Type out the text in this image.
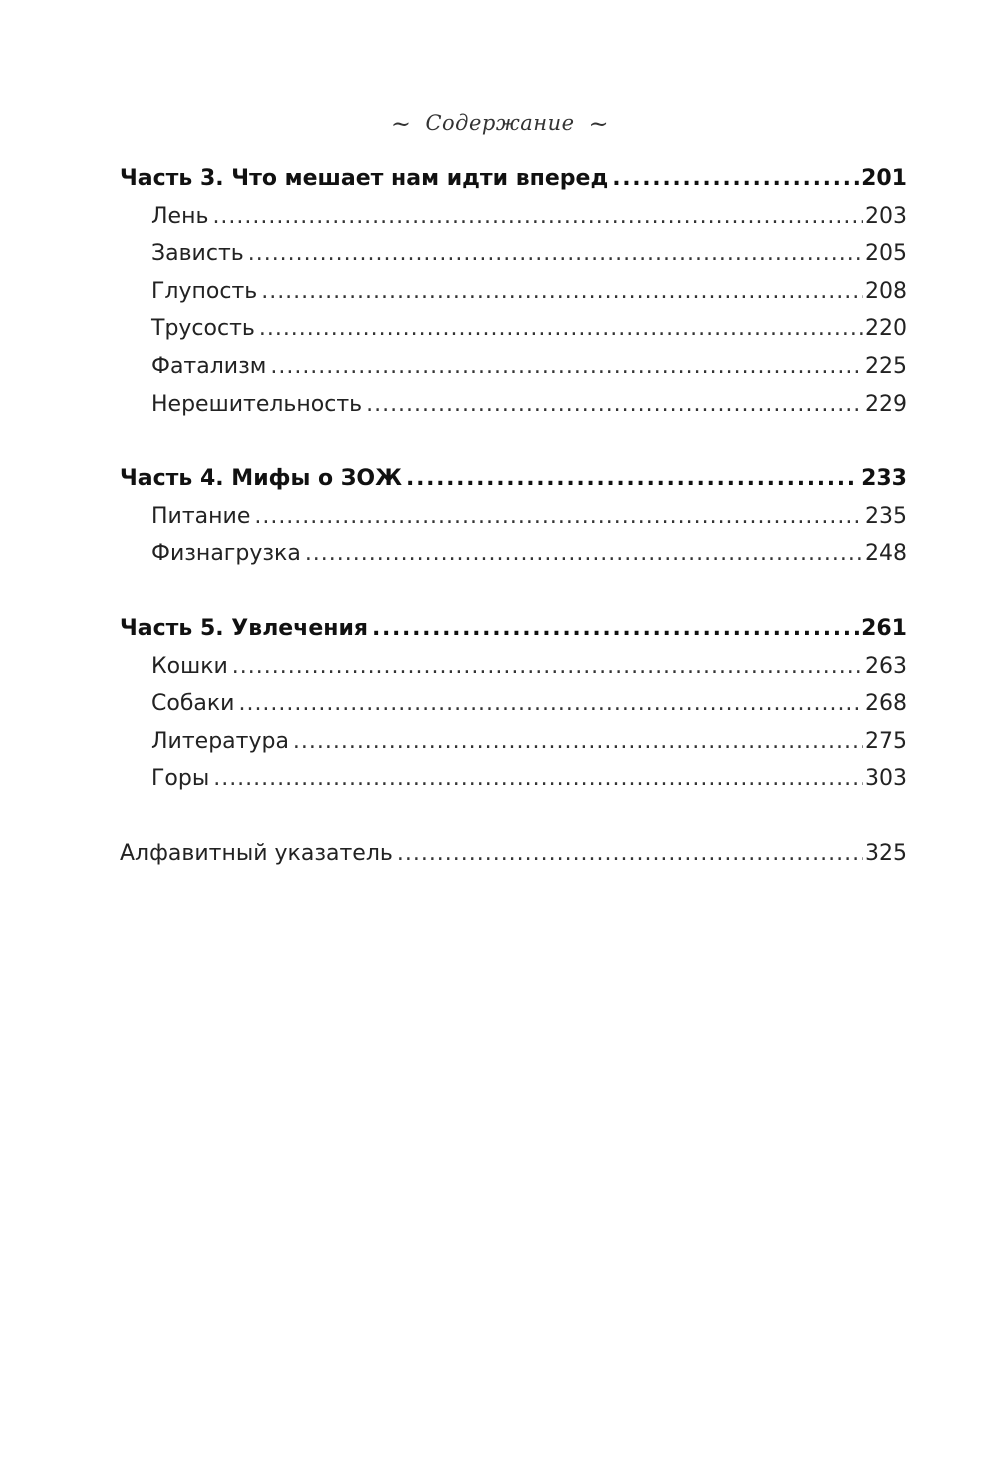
~ Содержание ~
Часть 3. Что мешает нам идти вперед . . .	201
Лень . . .	203
Зависть . . .	205
Глупость . . .	208
Трусость . . .	220
Фатализм . . .	225
Нерешительность . . .	229
Часть 4. Мифы о ЗОЖ . . .	233
Питание . . .	235
Физнагрузка . . .	248
Часть 5. Увлечения . . .	261
Кошки . . .	263
Собаки . . .	268
Литература . . .	275
Горы . . .	303
Алфавитный указатель . . .	325
